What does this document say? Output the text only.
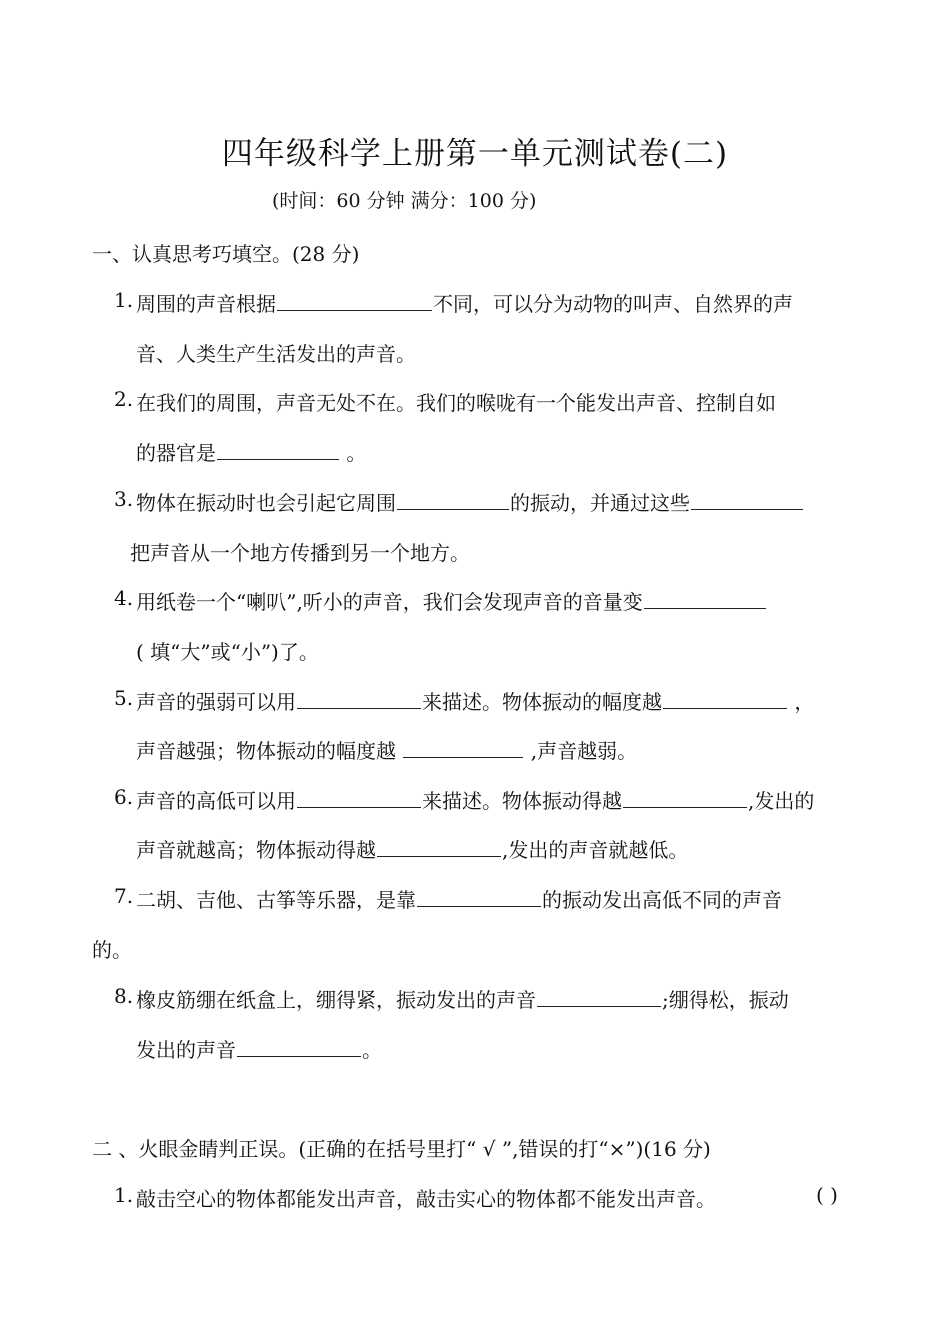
四年级科学上册第一单元测试卷(二)
(时间：60 分钟 满分：100 分)
一、认真思考巧填空。(28 分)
1. 周围的声音根据	不同，可以分为动物的叫声、自然界的声
音、人类生产生活发出的声音。
2. 在我们的周围，声音无处不在。我们的喉咙有一个能发出声音、控制自如
的器官是	。
3. 物体在振动时也会引起它周围	的振动，并通过这些
把声音从一个地方传播到另一个地方。
4. 用纸卷一个“喇叭”,听小的声音，我们会发现声音的音量变
( 填“大”或“小”)了。
5. 声音的强弱可以用	来描述。物体振动的幅度越	，
声音越强；物体振动的幅度越	,声音越弱。
6. 声音的高低可以用	来描述。物体振动得越	,发出的
声音就越高；物体振动得越	,发出的声音就越低。
7. 二胡、吉他、古筝等乐器，是靠	的振动发出高低不同的声音
的。
8. 橡皮筋绷在纸盒上，绷得紧，振动发出的声音	;绷得松，振动
发出的声音	。
二 、火眼金睛判正误。(正确的在括号里打“ √ ”,错误的打“×”)(16 分)
1. 敲击空心的物体都能发出声音，敲击实心的物体都不能发出声音。	( )
